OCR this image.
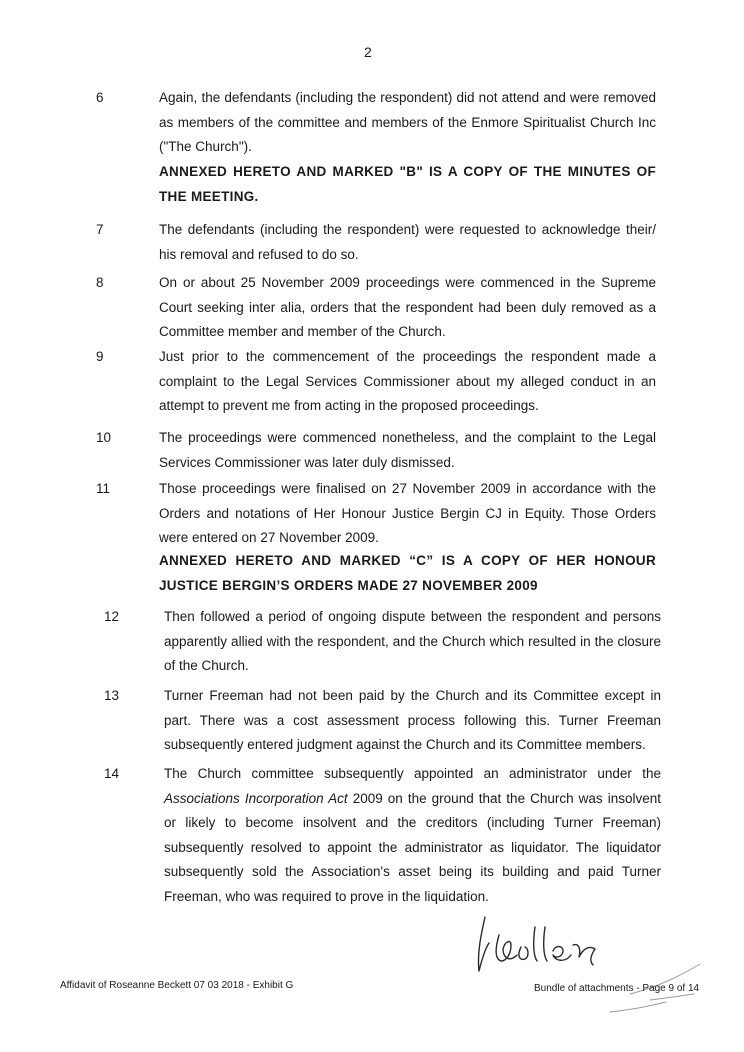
2
6	Again, the defendants (including the respondent) did not attend and were removed as members of the committee and members of the Enmore Spiritualist Church Inc ("The Church").

ANNEXED HERETO AND MARKED "B" IS A COPY OF THE MINUTES OF THE MEETING.

7	The defendants (including the respondent) were requested to acknowledge their/ his removal and refused to do so.

8	On or about 25 November 2009 proceedings were commenced in the Supreme Court seeking inter alia, orders that the respondent had been duly removed as a Committee member and member of the Church.

9	Just prior to the commencement of the proceedings the respondent made a complaint to the Legal Services Commissioner about my alleged conduct in an attempt to prevent me from acting in the proposed proceedings.

10	The proceedings were commenced nonetheless, and the complaint to the Legal Services Commissioner was later duly dismissed.

11	Those proceedings were finalised on 27 November 2009 in accordance with the Orders and notations of Her Honour Justice Bergin CJ in Equity. Those Orders were entered on 27 November 2009.

ANNEXED HERETO AND MARKED “C” IS A COPY OF HER HONOUR JUSTICE BERGIN’S ORDERS MADE 27 NOVEMBER 2009

12	Then followed a period of ongoing dispute between the respondent and persons apparently allied with the respondent, and the Church which resulted in the closure of the Church.

13	Turner Freeman had not been paid by the Church and its Committee except in part. There was a cost assessment process following this. Turner Freeman subsequently entered judgment against the Church and its Committee members.

14	The Church committee subsequently appointed an administrator under the Associations Incorporation Act 2009 on the ground that the Church was insolvent or likely to become insolvent and the creditors (including Turner Freeman) subsequently resolved to appoint the administrator as liquidator. The liquidator subsequently sold the Association's asset being its building and paid Turner Freeman, who was required to prove in the liquidation.

Affidavit of Roseanne Beckett 07 03 2018 - Exhibit G	Bundle of attachments - Page 9 of 14
